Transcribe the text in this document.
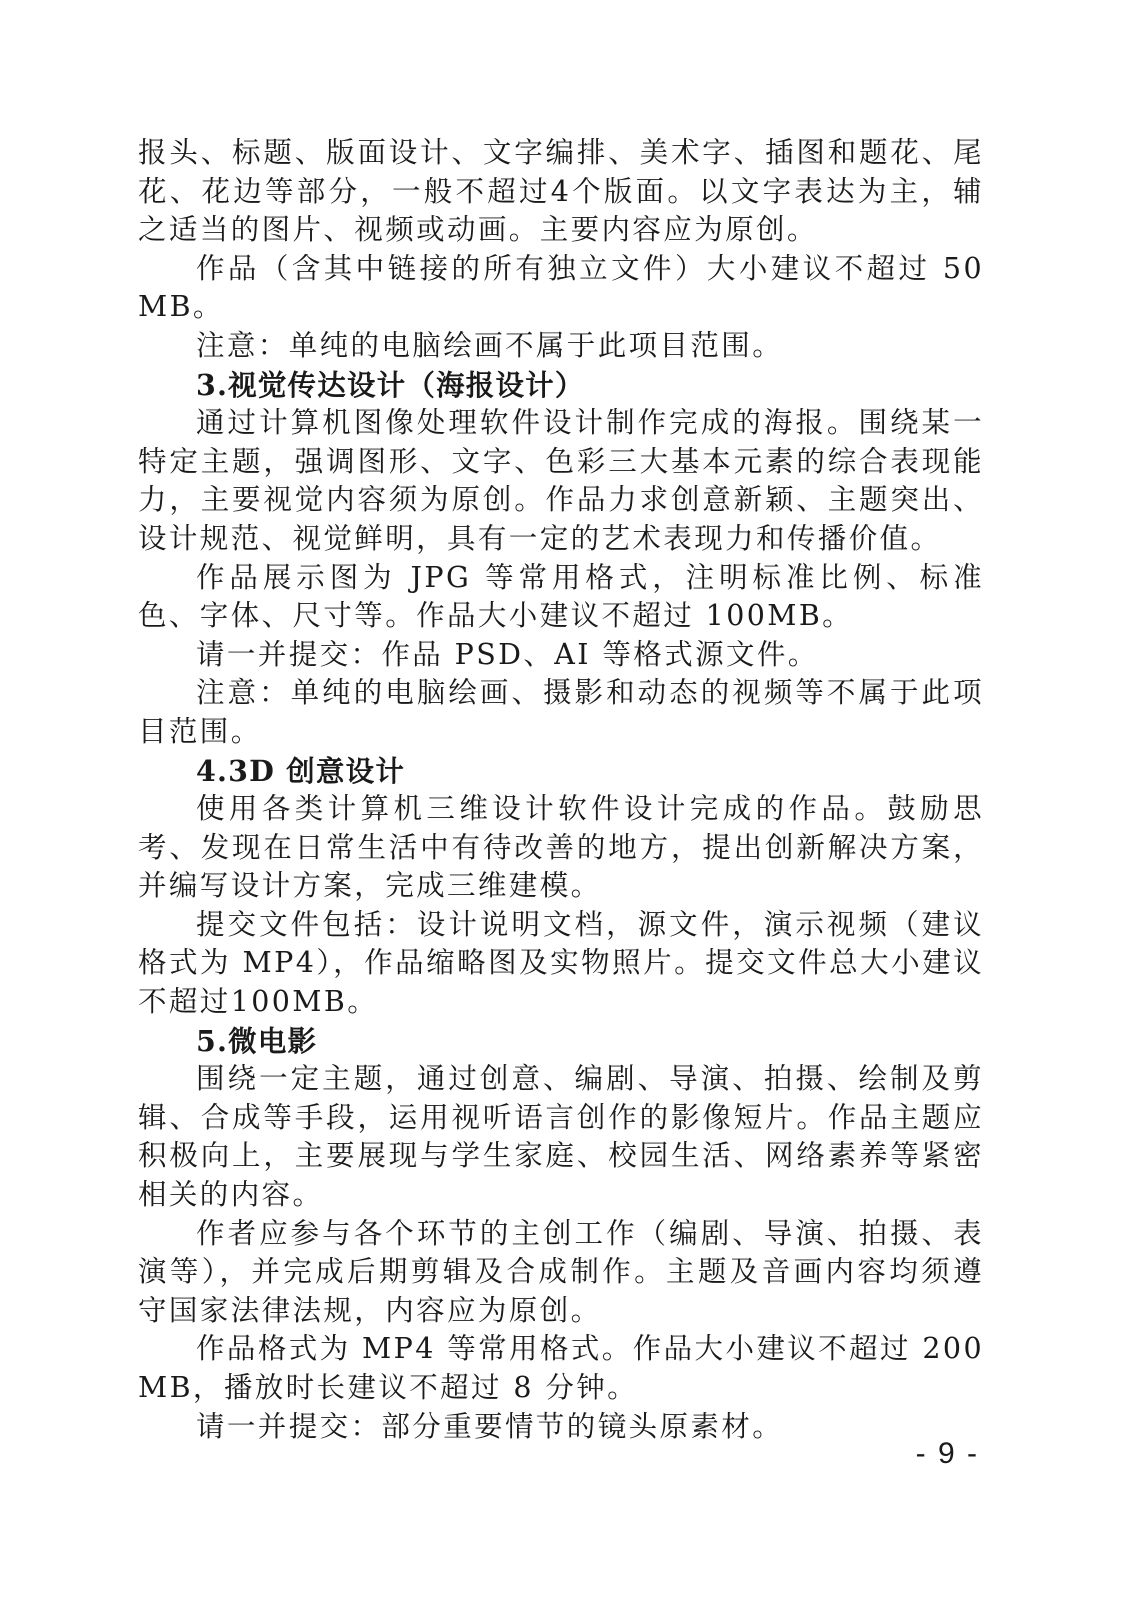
报头、标题、版面设计、文字编排、美术字、插图和题花、尾花、花边等部分，一般不超过4个版面。以文字表达为主，辅之适当的图片、视频或动画。主要内容应为原创。

作品（含其中链接的所有独立文件）大小建议不超过 50MB。

注意：单纯的电脑绘画不属于此项目范围。

3.视觉传达设计（海报设计）

通过计算机图像处理软件设计制作完成的海报。围绕某一特定主题，强调图形、文字、色彩三大基本元素的综合表现能力，主要视觉内容须为原创。作品力求创意新颖、主题突出、设计规范、视觉鲜明，具有一定的艺术表现力和传播价值。

作品展示图为 JPG 等常用格式，注明标准比例、标准色、字体、尺寸等。作品大小建议不超过 100MB。

请一并提交：作品 PSD、AI 等格式源文件。

注意：单纯的电脑绘画、摄影和动态的视频等不属于此项目范围。

4.3D 创意设计

使用各类计算机三维设计软件设计完成的作品。鼓励思考、发现在日常生活中有待改善的地方，提出创新解决方案，并编写设计方案，完成三维建模。

提交文件包括：设计说明文档，源文件，演示视频（建议格式为 MP4），作品缩略图及实物照片。提交文件总大小建议不超过100MB。

5.微电影

围绕一定主题，通过创意、编剧、导演、拍摄、绘制及剪辑、合成等手段，运用视听语言创作的影像短片。作品主题应积极向上，主要展现与学生家庭、校园生活、网络素养等紧密相关的内容。

作者应参与各个环节的主创工作（编剧、导演、拍摄、表演等），并完成后期剪辑及合成制作。主题及音画内容均须遵守国家法律法规，内容应为原创。

作品格式为 MP4 等常用格式。作品大小建议不超过 200MB，播放时长建议不超过 8 分钟。

请一并提交：部分重要情节的镜头原素材。

- 9 -
